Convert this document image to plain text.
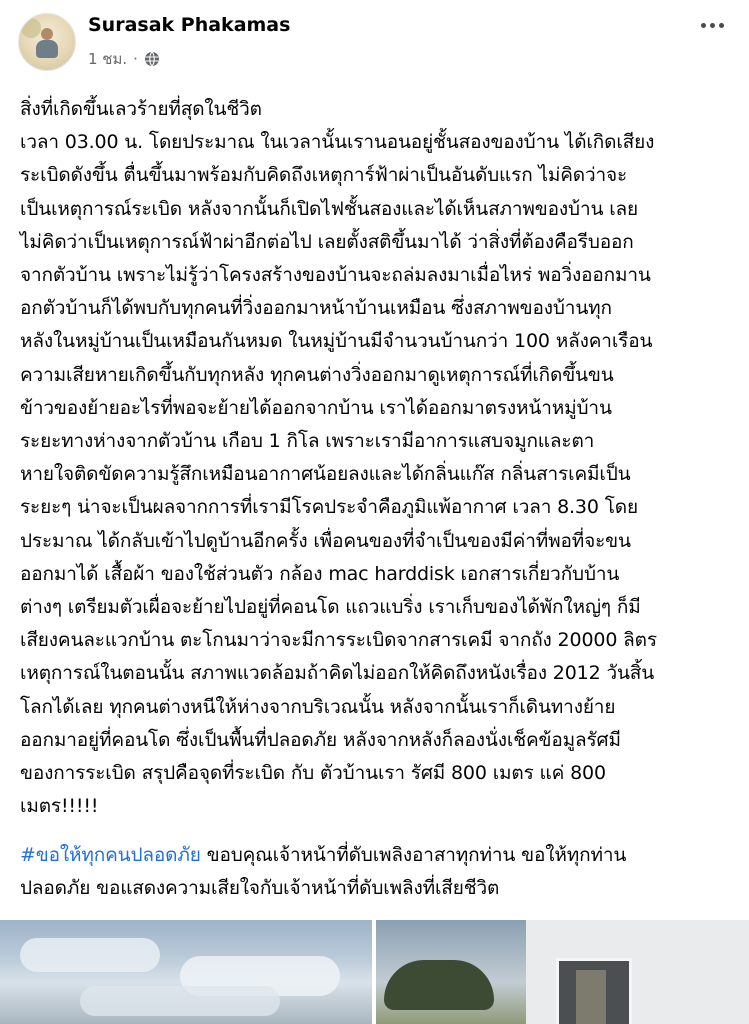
Surasak Phakamas
1 ชม. ·
สิ่งที่เกิดขึ้นเลวร้ายที่สุดในชีวิต
เวลา 03.00 น. โดยประมาณ ในเวลานั้นเรานอนอยู่ชั้นสองของบ้าน ได้เกิดเสียง
ระเบิดดังขึ้น ตื่นขึ้นมาพร้อมกับคิดถึงเหตุการ์ฟ้าผ่าเป็นอันดับแรก ไม่คิดว่าจะ
เป็นเหตุการณ์ระเบิด หลังจากนั้นก็เปิดไฟชั้นสองและได้เห็นสภาพของบ้าน เลย
ไม่คิดว่าเป็นเหตุการณ์ฟ้าผ่าอีกต่อไป เลยตั้งสติขึ้นมาได้ ว่าสิ่งที่ต้องคือรีบออก
จากตัวบ้าน เพราะไม่รู้ว่าโครงสร้างของบ้านจะถล่มลงมาเมื่อไหร่ พอวิ่งออกมาน
อกตัวบ้านก็ได้พบกับทุกคนที่วิ่งออกมาหน้าบ้านเหมือน ซึ่งสภาพของบ้านทุก
หลังในหมู่บ้านเป็นเหมือนกันหมด ในหมู่บ้านมีจำนวนบ้านกว่า 100 หลังคาเรือน
ความเสียหายเกิดขึ้นกับทุกหลัง ทุกคนต่างวิ่งออกมาดูเหตุการณ์ที่เกิดขึ้นขน
ข้าวของย้ายอะไรที่พอจะย้ายได้ออกจากบ้าน เราได้ออกมาตรงหน้าหมู่บ้าน
ระยะทางห่างจากตัวบ้าน เกือบ 1 กิโล เพราะเรามีอาการแสบจมูกและตา
หายใจติดขัดความรู้สึกเหมือนอากาศน้อยลงและได้กลิ่นแก๊ส กลิ่นสารเคมีเป็น
ระยะๆ น่าจะเป็นผลจากการที่เรามีโรคประจำคือภูมิแพ้อากาศ เวลา 8.30 โดย
ประมาณ ได้กลับเข้าไปดูบ้านอีกครั้ง เพื่อคนของที่จำเป็นของมีค่าที่พอที่จะขน
ออกมาได้ เสื้อผ้า ของใช้ส่วนตัว กล้อง mac harddisk เอกสารเกี่ยวกับบ้าน
ต่างๆ เตรียมตัวเผื่อจะย้ายไปอยู่ที่คอนโด แถวแบริ่ง เราเก็บของได้พักใหญ่ๆ ก็มี
เสียงคนละแวกบ้าน ตะโกนมาว่าจะมีการระเบิดจากสารเคมี จากถัง 20000 ลิตร
เหตุการณ์ในตอนนั้น สภาพแวดล้อมถ้าคิดไม่ออกให้คิดถึงหนังเรื่อง 2012 วันสิ้น
โลกได้เลย ทุกคนต่างหนีให้ห่างจากบริเวณนั้น หลังจากนั้นเราก็เดินทางย้าย
ออกมาอยู่ที่คอนโด ซึ่งเป็นพื้นที่ปลอดภัย หลังจากหลังก็ลองนั่งเช็คข้อมูลรัศมี
ของการระเบิด สรุปคือจุดที่ระเบิด กับ ตัวบ้านเรา รัศมี 800 เมตร แค่ 800
เมตร!!!!!
#ขอให้ทุกคนปลอดภัย ขอบคุณเจ้าหน้าที่ดับเพลิงอาสาทุกท่าน ขอให้ทุกท่าน
ปลอดภัย ขอแสดงความเสียใจกับเจ้าหน้าที่ดับเพลิงที่เสียชีวิต
